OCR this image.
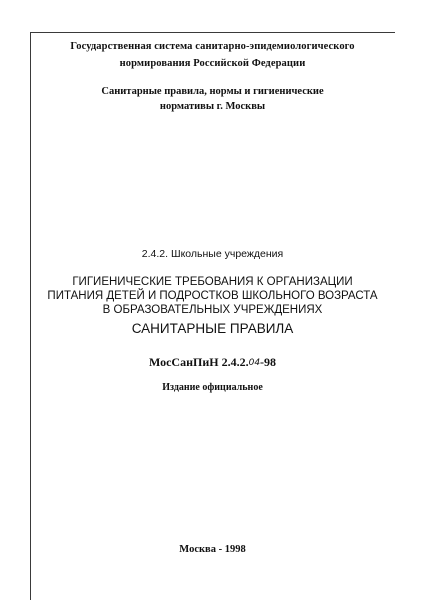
Государственная система санитарно-эпидемиологического
нормирования Российской Федерации
Санитарные правила, нормы и гигиенические
нормативы г. Москвы
2.4.2. Школьные учреждения
ГИГИЕНИЧЕСКИЕ ТРЕБОВАНИЯ К ОРГАНИЗАЦИИ
ПИТАНИЯ ДЕТЕЙ И ПОДРОСТКОВ ШКОЛЬНОГО ВОЗРАСТА
В ОБРАЗОВАТЕЛЬНЫХ УЧРЕЖДЕНИЯХ
САНИТАРНЫЕ ПРАВИЛА
МосСанПиН 2.4.2.04-98
Издание официальное
Москва - 1998
